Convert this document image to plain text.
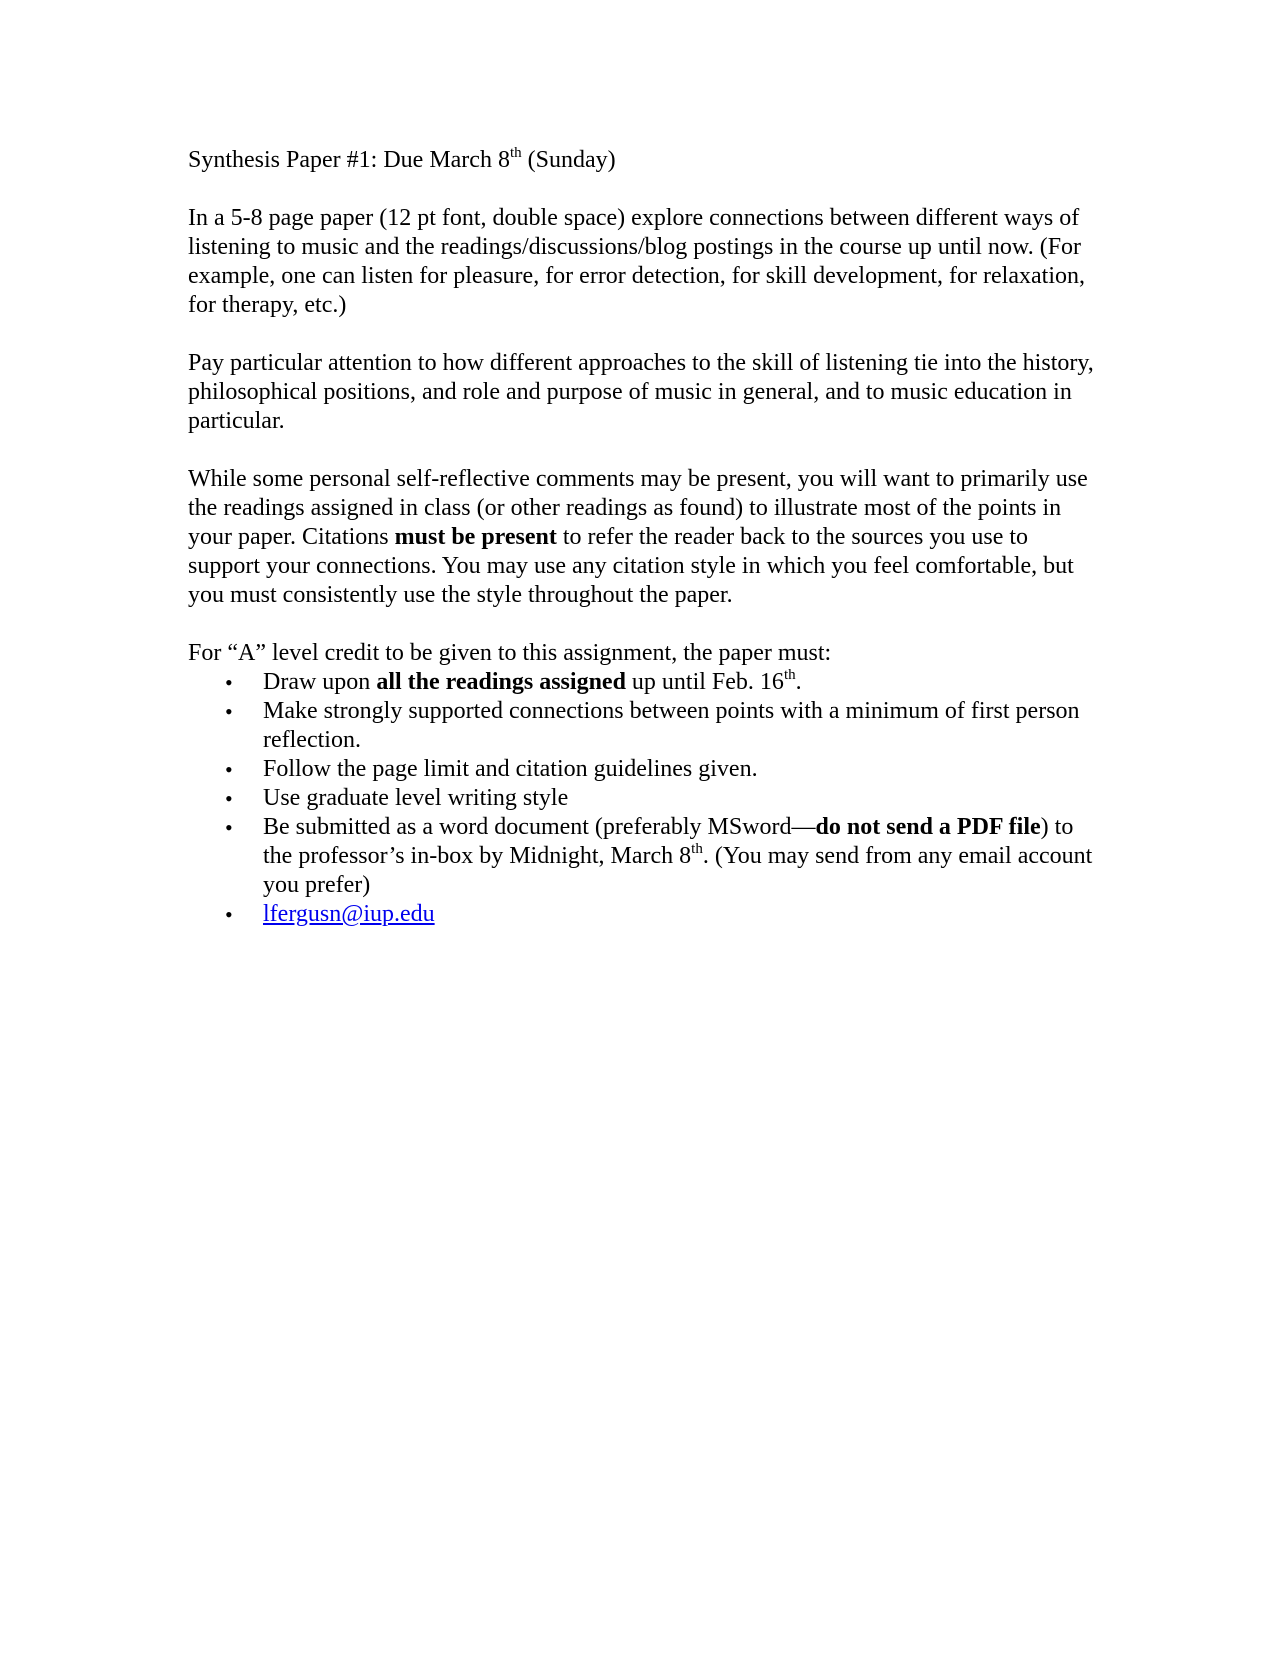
Synthesis Paper #1: Due March 8th (Sunday)

In a 5-8 page paper (12 pt font, double space) explore connections between different ways of listening to music and the readings/discussions/blog postings in the course up until now. (For example, one can listen for pleasure, for error detection, for skill development, for relaxation, for therapy, etc.)

Pay particular attention to how different approaches to the skill of listening tie into the history, philosophical positions, and role and purpose of music in general, and to music education in particular.

While some personal self-reflective comments may be present, you will want to primarily use the readings assigned in class (or other readings as found) to illustrate most of the points in your paper. Citations must be present to refer the reader back to the sources you use to support your connections. You may use any citation style in which you feel comfortable, but you must consistently use the style throughout the paper.

For “A” level credit to be given to this assignment, the paper must:

• Draw upon all the readings assigned up until Feb. 16th.
• Make strongly supported connections between points with a minimum of first person reflection.
• Follow the page limit and citation guidelines given.
• Use graduate level writing style
• Be submitted as a word document (preferably MSword—do not send a PDF file) to the professor’s in-box by Midnight, March 8th. (You may send from any email account you prefer)
• lfergusn@iup.edu
